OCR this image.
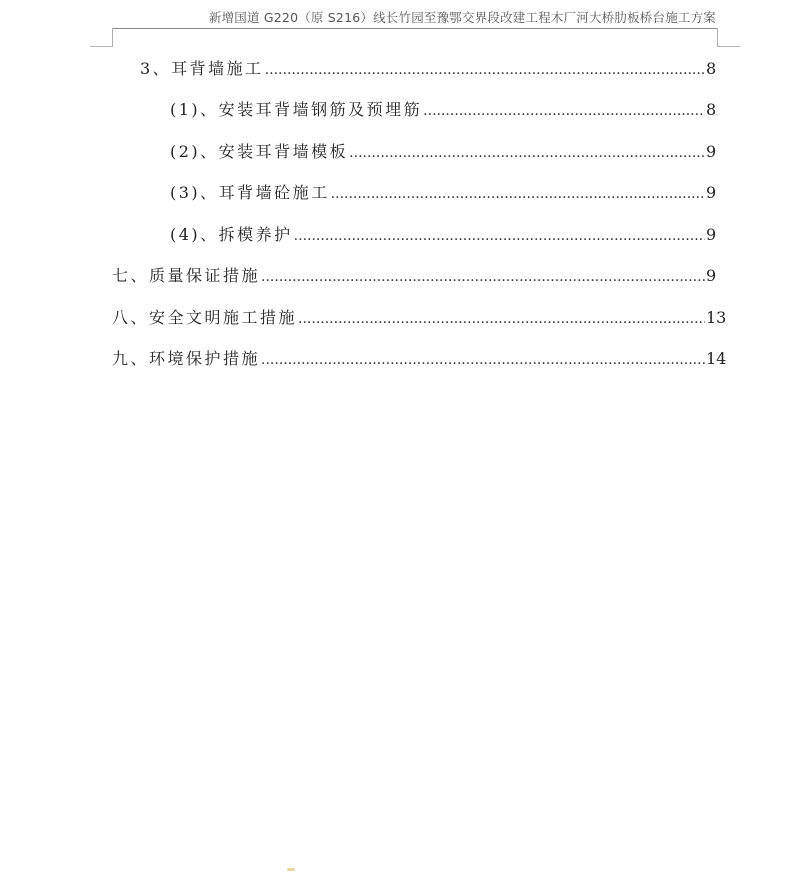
新增国道 G220（原 S216）线长竹园至豫鄂交界段改建工程木厂河大桥肋板桥台施工方案
3、耳背墙施工 .....	8
(1)、安装耳背墙钢筋及预埋筋 .....	8
(2)、安装耳背墙模板 .....	9
(3)、耳背墙砼施工 .....	9
(4)、拆模养护 .....	9
七、质量保证措施 .....	9
八、安全文明施工措施 .....	13
九、环境保护措施 .....	14
